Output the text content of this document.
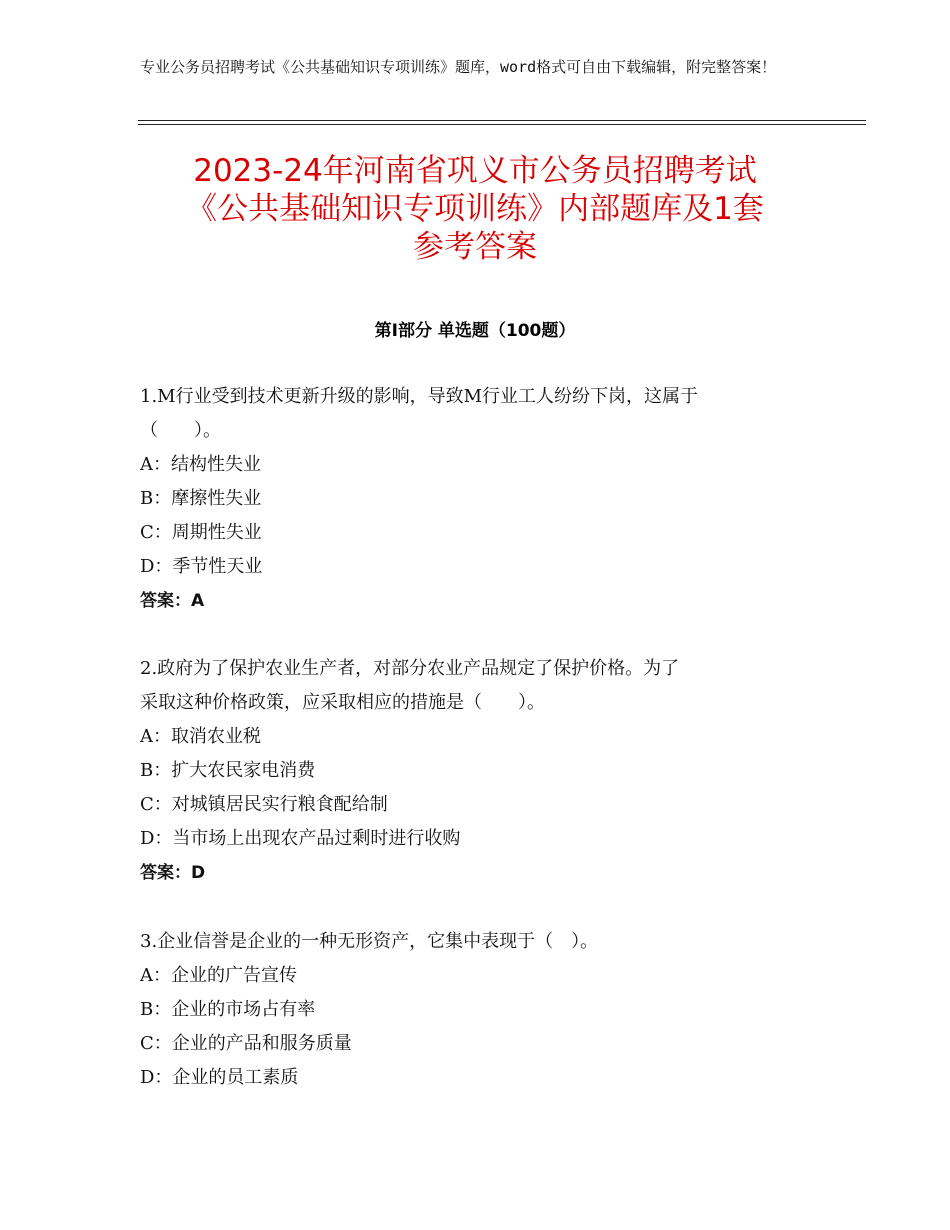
专业公务员招聘考试《公共基础知识专项训练》题库，word格式可自由下载编辑，附完整答案！
2023-24年河南省巩义市公务员招聘考试
《公共基础知识专项训练》内部题库及1套
参考答案
第Ⅰ部分 单选题（100题）

1.M行业受到技术更新升级的影响，导致M行业工人纷纷下岗，这属于

（　　）。

A：结构性失业

B：摩擦性失业

C：周期性失业

D：季节性天业

答案：A

2.政府为了保护农业生产者，对部分农业产品规定了保护价格。为了

采取这种价格政策，应采取相应的措施是（　　）。

A：取消农业税

B：扩大农民家电消费

C：对城镇居民实行粮食配给制

D：当市场上出现农产品过剩时进行收购

答案：D

3.企业信誉是企业的一种无形资产，它集中表现于（　）。

A：企业的广告宣传

B：企业的市场占有率

C：企业的产品和服务质量

D：企业的员工素质
